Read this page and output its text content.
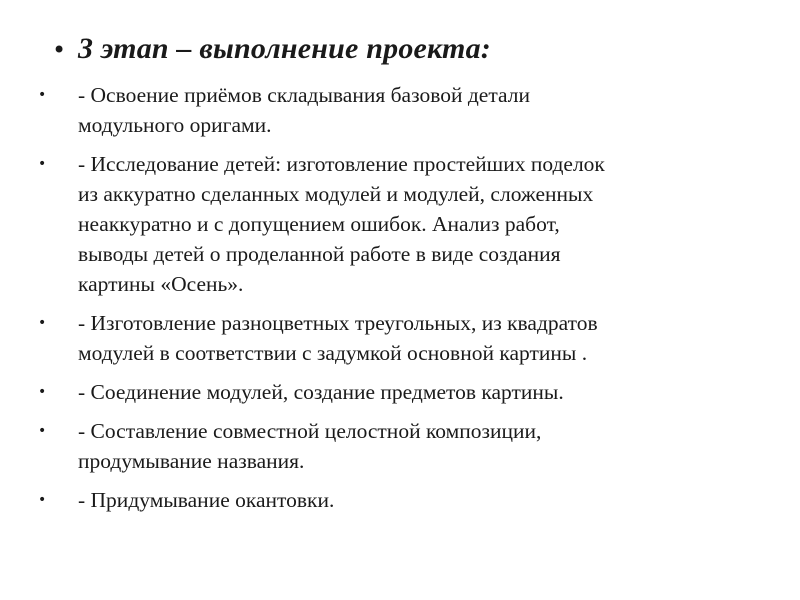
• 3 этап – выполнение проекта:
•	- Освоение приёмов складывания базовой детали
модульного оригами.
•	- Исследование детей: изготовление простейших поделок
из аккуратно сделанных модулей и модулей, сложенных
неаккуратно и с допущением ошибок. Анализ работ,
выводы детей о проделанной работе в виде создания
картины «Осень».
•	- Изготовление разноцветных треугольных, из квадратов
модулей в соответствии с задумкой основной картины .
•	- Соединение модулей, создание предметов картины.
•	- Составление совместной целостной композиции,
продумывание названия.
•	- Придумывание окантовки.
